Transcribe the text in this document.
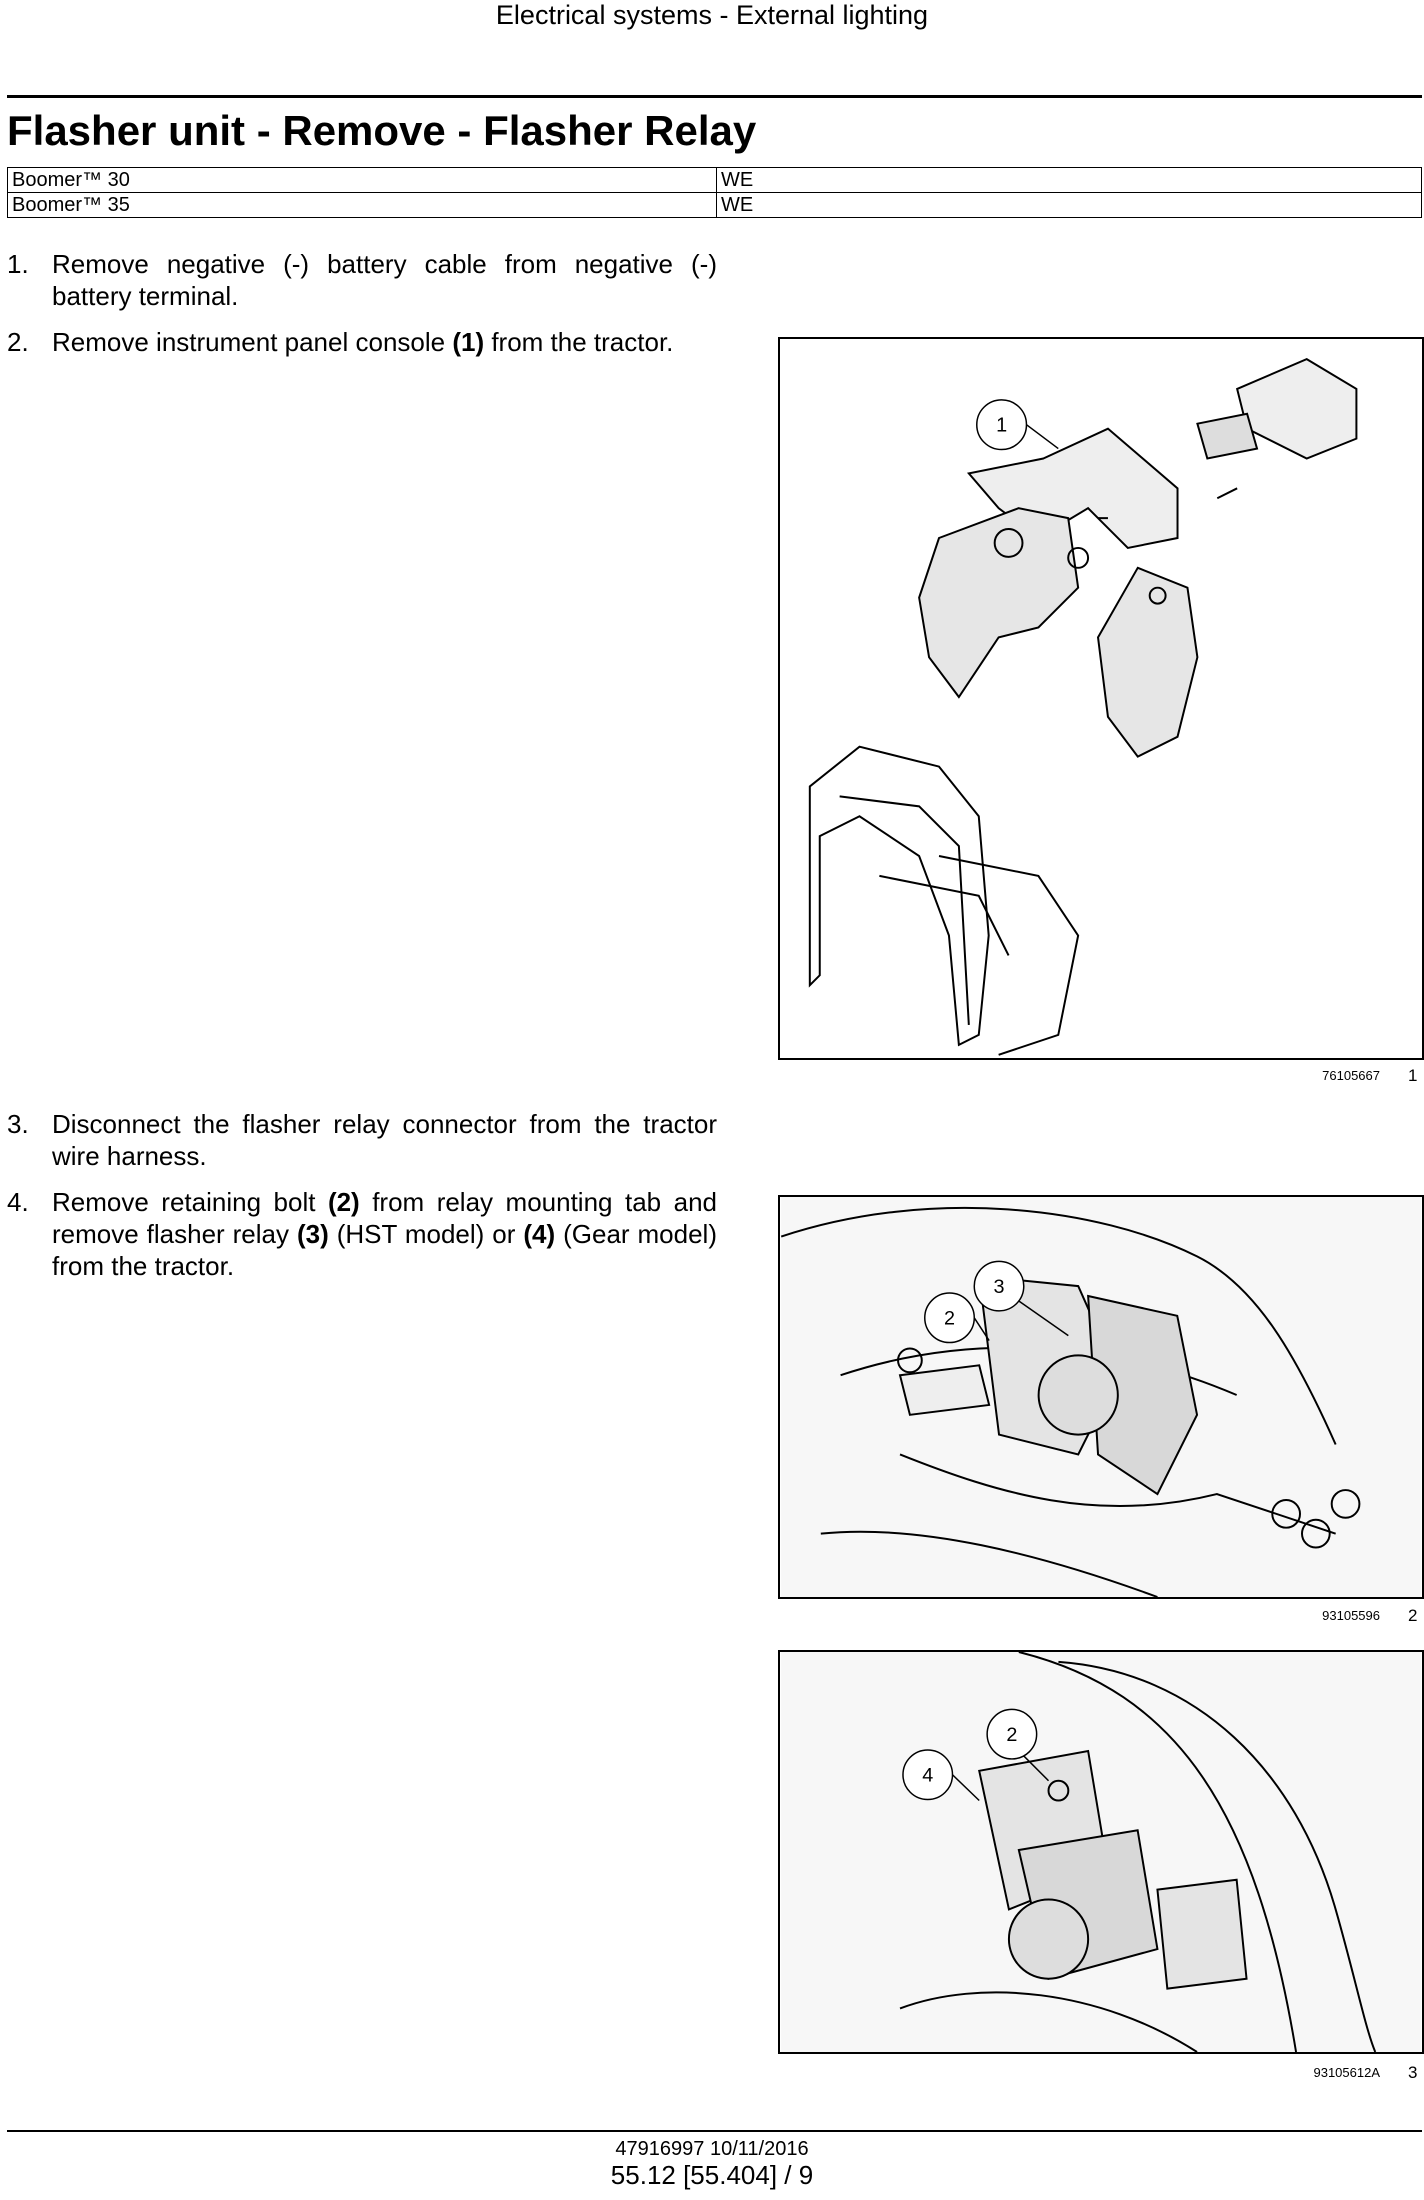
Electrical systems - External lighting
Flasher unit - Remove - Flasher Relay
Boomer™ 30	WE
Boomer™ 35	WE
1. Remove negative (-) battery cable from negative (-) battery terminal.
2. Remove instrument panel console (1) from the tractor.
3. Disconnect the flasher relay connector from the tractor wire harness.
4. Remove retaining bolt (2) from relay mounting tab and remove flasher relay (3) (HST model) or (4) (Gear model) from the tractor.
1
76105667 1
3
2
93105596 2
2
4
93105612A 3
47916997 10/11/2016
55.12 [55.404] / 9
